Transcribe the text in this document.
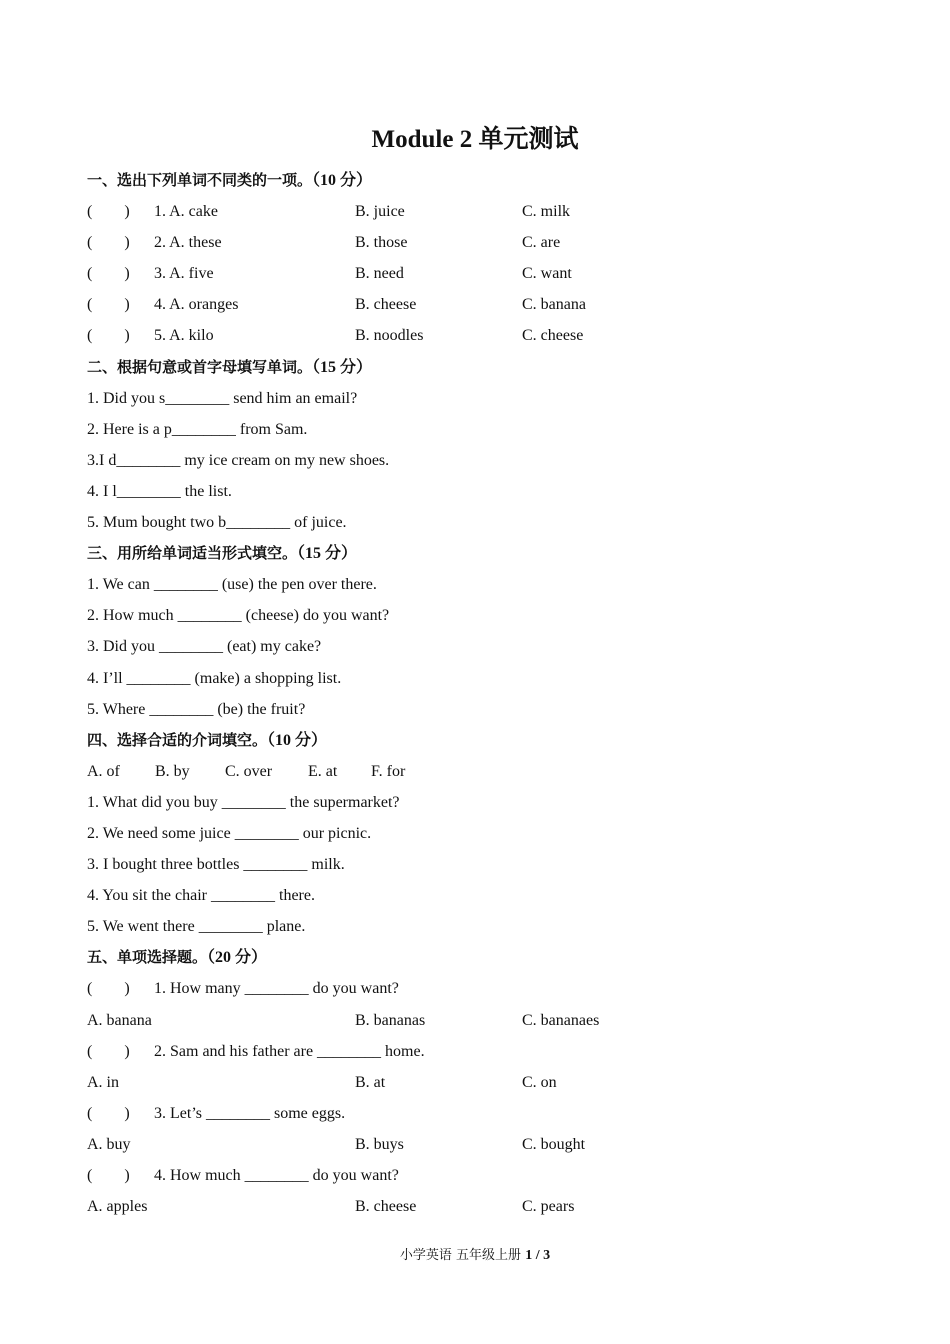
Module 2 单元测试
一、选出下列单词不同类的一项。（10 分）
(　　) 1. A. cake	B. juice	C. milk
(　　) 2. A. these	B. those	C. are
(　　) 3. A. five	B. need	C. want
(　　) 4. A. oranges	B. cheese	C. banana
(　　) 5. A. kilo	B. noodles	C. cheese
二、根据句意或首字母填写单词。（15 分）
1. Did you s________ send him an email?
2. Here is a p________ from Sam.
3.I d________ my ice cream on my new shoes.
4. I l________ the list.
5. Mum bought two b________ of juice.
三、用所给单词适当形式填空。（15 分）
1. We can ________ (use) the pen over there.
2. How much ________ (cheese) do you want?
3. Did you ________ (eat) my cake?
4. I’ll ________ (make) a shopping list.
5. Where ________ (be) the fruit?
四、选择合适的介词填空。（10 分）
A. of B. by C. over E. at F. for
1. What did you buy ________ the supermarket?
2. We need some juice ________ our picnic.
3. I bought three bottles ________ milk.
4. You sit the chair ________ there.
5. We went there ________ plane.
五、单项选择题。（20 分）
(　　) 1. How many ________ do you want?
A. banana	B. bananas	C. bananaes
(　　) 2. Sam and his father are ________ home.
A. in	B. at	C. on
(　　) 3. Let’s ________ some eggs.
A. buy	B. buys	C. bought
(　　) 4. How much ________ do you want?
A. apples	B. cheese	C. pears
小学英语 五年级上册 1 / 3
